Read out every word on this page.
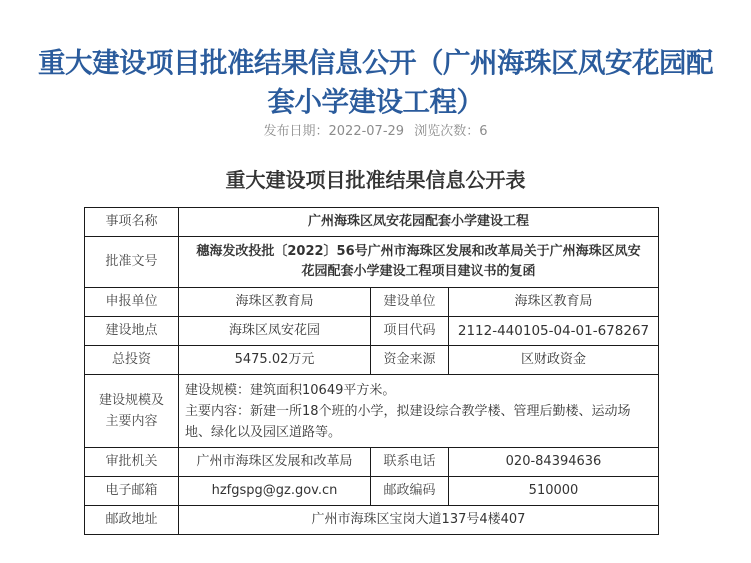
重大建设项目批准结果信息公开（广州海珠区凤安花园配
套小学建设工程）
发布日期：2022-07-29 浏览次数：6
重大建设项目批准结果信息公开表
事项名称	广州海珠区凤安花园配套小学建设工程		
批准文号	穗海发改投批〔2022〕56号广州市海珠区发展和改革局关于广州海珠区凤安花园配套小学建设工程项目建议书的复函		
申报单位	海珠区教育局	建设单位	海珠区教育局
建设地点	海珠区凤安花园	项目代码	2112-440105-04-01-678267
总投资	5475.02万元	资金来源	区财政资金
建设规模及主要内容	建设规模：建筑面积10649平方米。
主要内容：新建一所18个班的小学，拟建设综合教学楼、管理后勤楼、运动场地、绿化以及园区道路等。		

审批机关	广州市海珠区发展和改革局	联系电话	020-84394636
电子邮箱	hzfgspg@gz.gov.cn	邮政编码	510000
邮政地址	广州市海珠区宝岗大道137号4楼407		
